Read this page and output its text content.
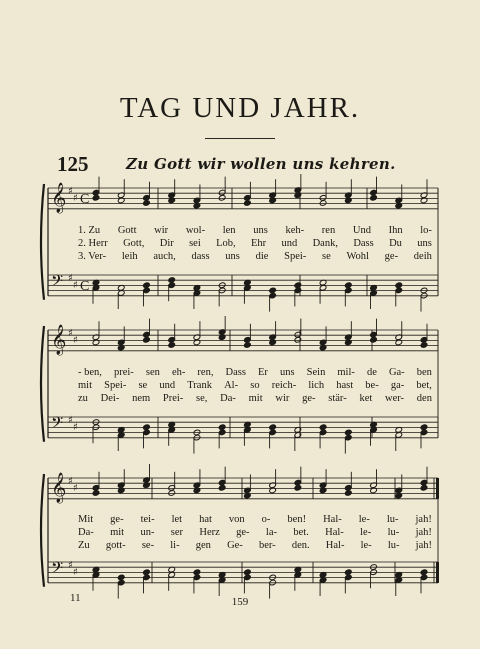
TAG UND JAHR.
125	Zu Gott wir wollen uns kehren.
𝄞 ♯
♯ C
𝄢 ♯
♯ C
𝄞 ♯
♯
𝄢 ♯
♯
𝄞 ♯
♯
𝄢 ♯
♯
1. Zu Gott wir wol- len uns keh- ren Und Ihn lo-
2. Herr Gott, Dir sei Lob, Ehr und Dank, Dass Du uns
3. Ver- leih auch, dass uns die Spei- se Wohl ge- deih
- ben, prei- sen eh- ren, Dass Er uns Sein mil- de Ga- ben
mit Spei- se und Trank Al- so reich- lich hast be- ga- bet,
zu Dei- nem Prei- se, Da- mit wir ge- stär- ket wer- den
Mit ge- tei- let hat von o- ben! Hal- le- lu- jah!
Da- mit un- ser Herz ge- la- bet. Hal- le- lu- jah!
Zu gott- se- li- gen Ge- ber- den. Hal- le- lu- jah!
11	159
